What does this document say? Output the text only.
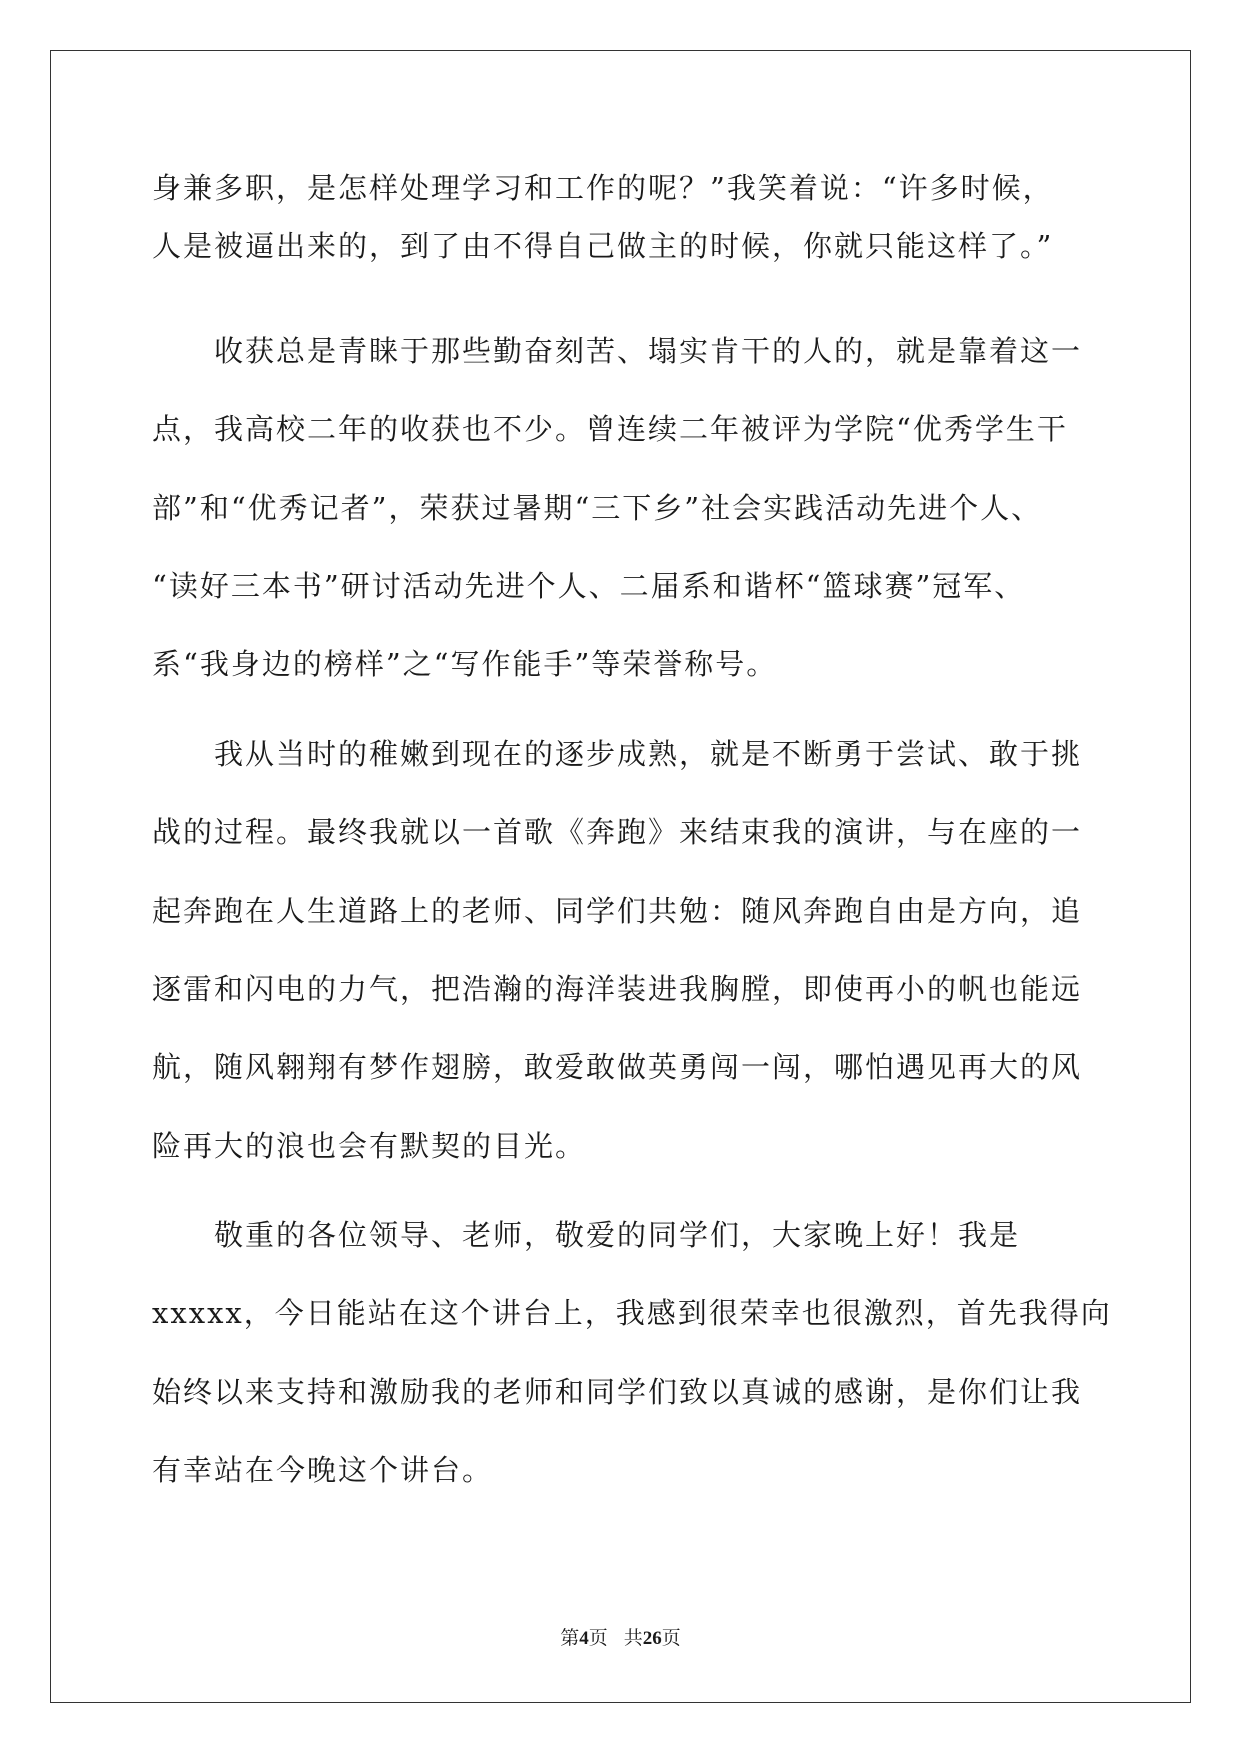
身兼多职，是怎样处理学习和工作的呢？”我笑着说：“许多时候，
人是被逼出来的，到了由不得自己做主的时候，你就只能这样了。”
　　收获总是青睐于那些勤奋刻苦、塌实肯干的人的，就是靠着这一
点，我高校二年的收获也不少。曾连续二年被评为学院“优秀学生干
部”和“优秀记者”，荣获过暑期“三下乡”社会实践活动先进个人、
“读好三本书”研讨活动先进个人、二届系和谐杯“篮球赛”冠军、
系“我身边的榜样”之“写作能手”等荣誉称号。
　　我从当时的稚嫩到现在的逐步成熟，就是不断勇于尝试、敢于挑
战的过程。最终我就以一首歌《奔跑》来结束我的演讲，与在座的一
起奔跑在人生道路上的老师、同学们共勉：随风奔跑自由是方向，追
逐雷和闪电的力气，把浩瀚的海洋装进我胸膛，即使再小的帆也能远
航，随风翱翔有梦作翅膀，敢爱敢做英勇闯一闯，哪怕遇见再大的风
险再大的浪也会有默契的目光。
　　敬重的各位领导、老师，敬爱的同学们，大家晚上好！我是
xxxxx，今日能站在这个讲台上，我感到很荣幸也很激烈，首先我得向
始终以来支持和激励我的老师和同学们致以真诚的感谢，是你们让我
有幸站在今晚这个讲台。
第4页 共26页
